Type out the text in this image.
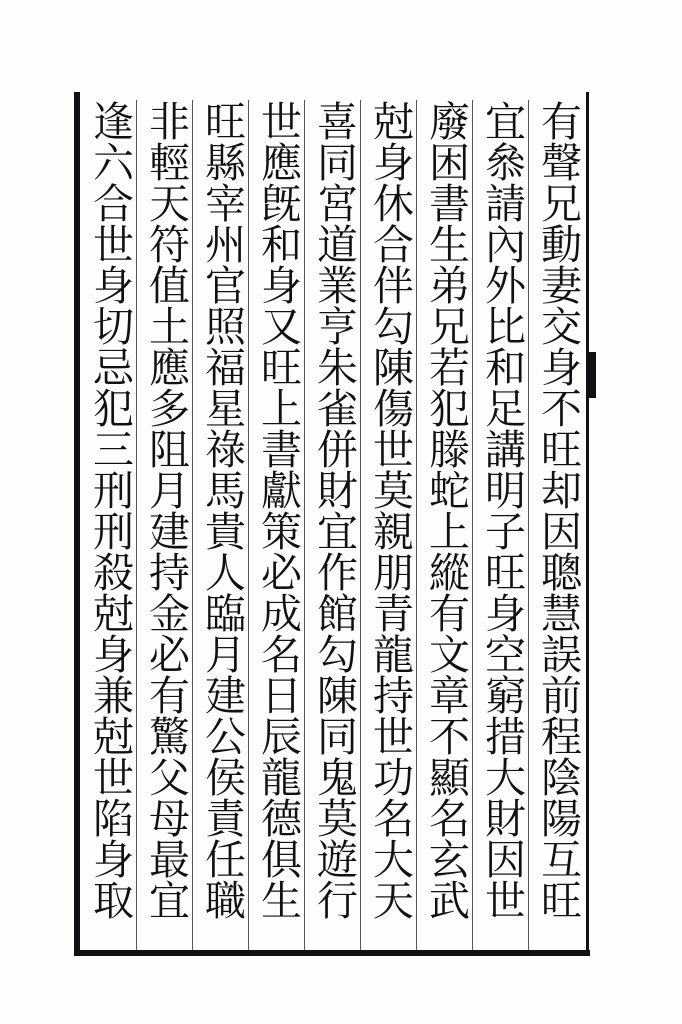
有聲兄動妻交身不旺却因聰慧誤前程陰陽互旺
宜叅請內外比和足講明子旺身空窮措大財因世
廢困書生弟兄若犯滕蛇上縱有文章不顯名玄武
尅身休合伴勾陳傷世莫親朋青龍持世功名大天
喜同宮道業亨朱雀併財宜作館勾陳同鬼莫遊行
世應旣和身又旺上書獻策必成名日辰龍德俱生
旺縣宰州官照福星祿馬貴人臨月建公侯責任職
非輕天符值土應多阻月建持金必有驚父母最宜
逢六合世身切忌犯三刑刑殺尅身兼尅世陷身取
